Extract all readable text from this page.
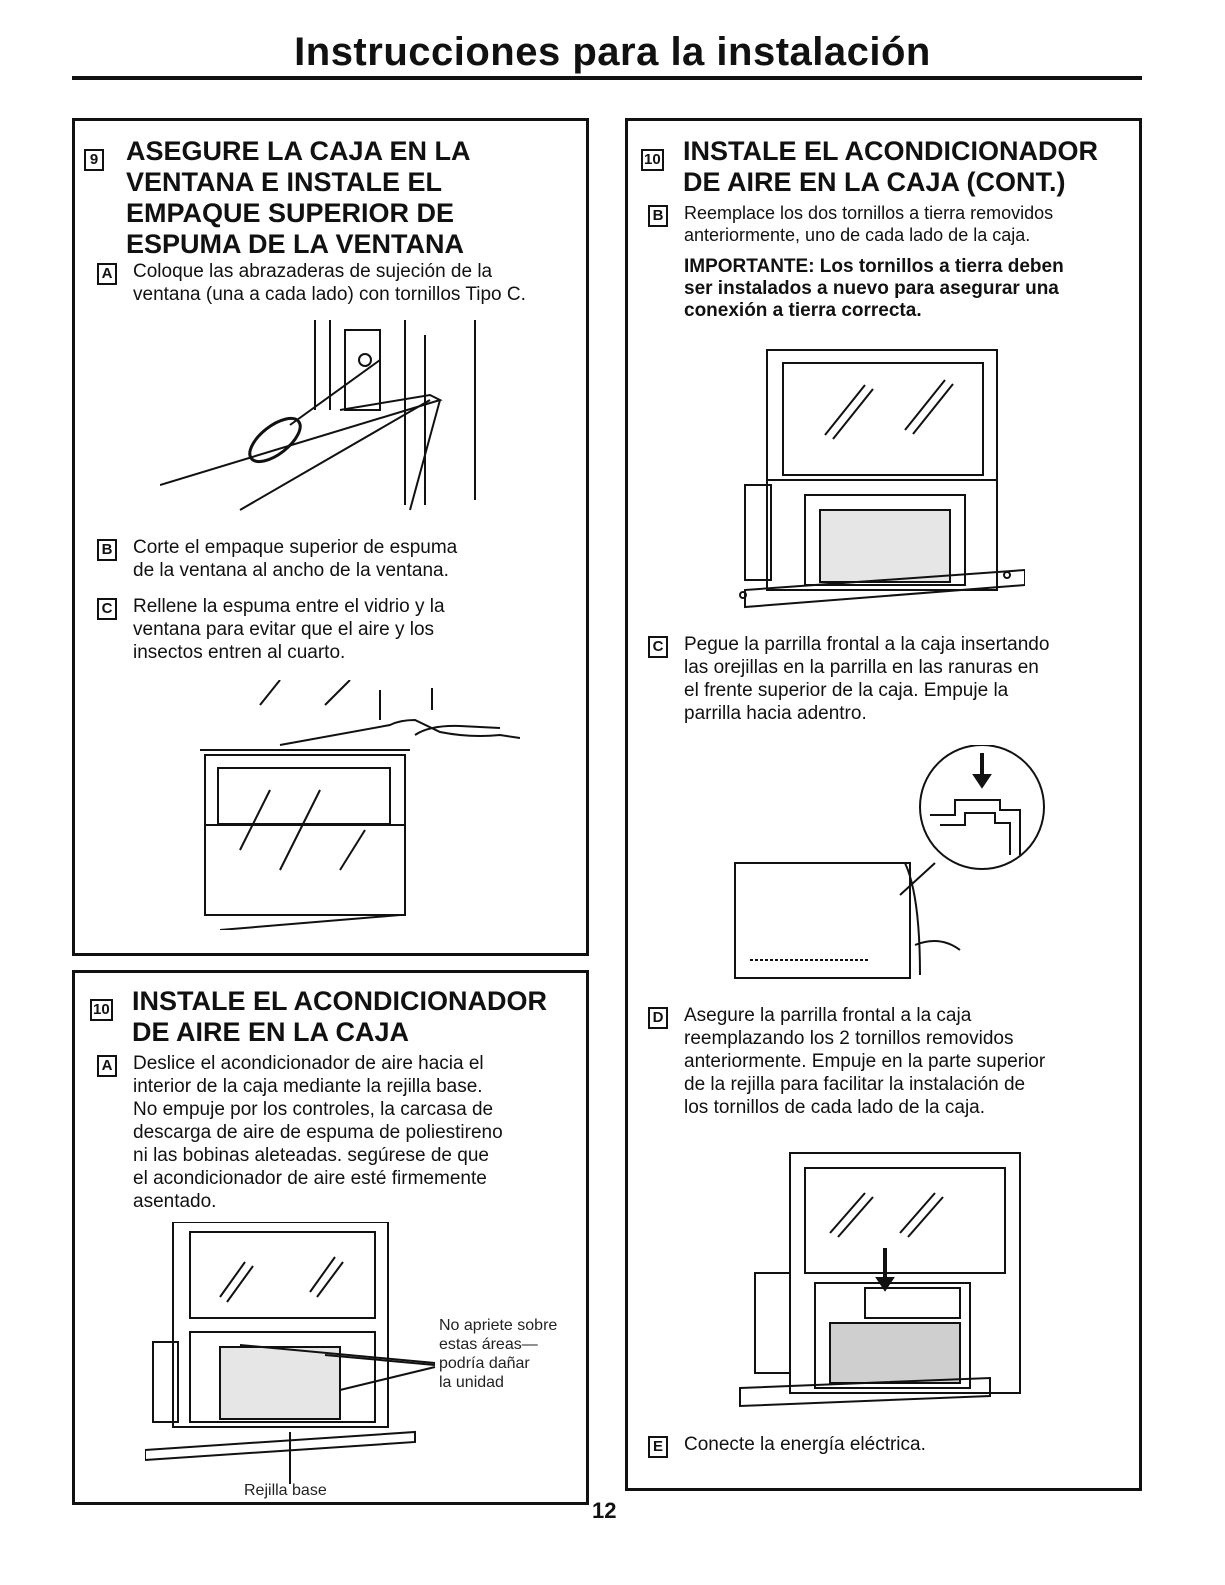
Instrucciones para la instalación
9 ASEGURE LA CAJA EN LA
VENTANA E INSTALE EL
EMPAQUE SUPERIOR DE
ESPUMA DE LA VENTANA
A Coloque las abrazaderas de sujeción de la
ventana (una a cada lado) con tornillos Tipo C.
B Corte el empaque superior de espuma
de la ventana al ancho de la ventana.
C Rellene la espuma entre el vidrio y la
ventana para evitar que el aire y los
insectos entren al cuarto.
10 INSTALE EL ACONDICIONADOR
DE AIRE EN LA CAJA
A Deslice el acondicionador de aire hacia el
interior de la caja mediante la rejilla base.
No empuje por los controles, la carcasa de
descarga de aire de espuma de poliestireno
ni las bobinas aleteadas. segúrese de que
el acondicionador de aire esté firmemente
asentado.
No apriete sobre
estas áreas—
podría dañar
la unidad
Rejilla base
10 INSTALE EL ACONDICIONADOR
DE AIRE EN LA CAJA (CONT.)
B Reemplace los dos tornillos a tierra removidos
anteriormente, uno de cada lado de la caja.
IMPORTANTE: Los tornillos a tierra deben
ser instalados a nuevo para asegurar una
conexión a tierra correcta.
C Pegue la parrilla frontal a la caja insertando
las orejillas en la parrilla en las ranuras en
el frente superior de la caja. Empuje la
parrilla hacia adentro.
D Asegure la parrilla frontal a la caja
reemplazando los 2 tornillos removidos
anteriormente. Empuje en la parte superior
de la rejilla para facilitar la instalación de
los tornillos de cada lado de la caja.
E Conecte la energía eléctrica.
12
